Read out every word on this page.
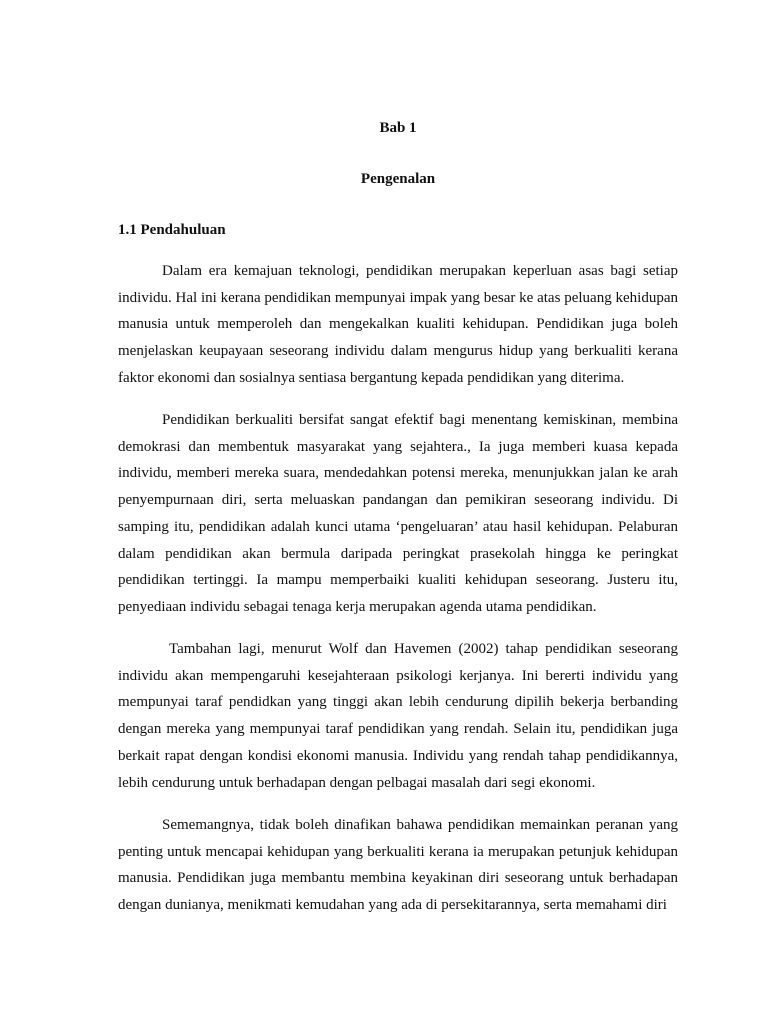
Bab 1
Pengenalan
1.1 Pendahuluan

Dalam era kemajuan teknologi, pendidikan merupakan keperluan asas bagi setiap individu. Hal ini kerana pendidikan mempunyai impak yang besar ke atas peluang kehidupan manusia untuk memperoleh dan mengekalkan kualiti kehidupan. Pendidikan juga boleh menjelaskan keupayaan seseorang individu dalam mengurus hidup yang berkualiti kerana faktor ekonomi dan sosialnya sentiasa bergantung kepada pendidikan yang diterima.

Pendidikan berkualiti bersifat sangat efektif bagi menentang kemiskinan, membina demokrasi dan membentuk masyarakat yang sejahtera., Ia juga memberi kuasa kepada individu, memberi mereka suara, mendedahkan potensi mereka, menunjukkan jalan ke arah penyempurnaan diri, serta meluaskan pandangan dan pemikiran seseorang individu. Di samping itu, pendidikan adalah kunci utama ‘pengeluaran’ atau hasil kehidupan. Pelaburan dalam pendidikan akan bermula daripada peringkat prasekolah hingga ke peringkat pendidikan tertinggi. Ia mampu memperbaiki kualiti kehidupan seseorang. Justeru itu, penyediaan individu sebagai tenaga kerja merupakan agenda utama pendidikan.

Tambahan lagi, menurut Wolf dan Havemen (2002) tahap pendidikan seseorang individu akan mempengaruhi kesejahteraan psikologi kerjanya. Ini bererti individu yang mempunyai taraf pendidkan yang tinggi akan lebih cendurung dipilih bekerja berbanding dengan mereka yang mempunyai taraf pendidikan yang rendah. Selain itu, pendidikan juga berkait rapat dengan kondisi ekonomi manusia. Individu yang rendah tahap pendidikannya, lebih cendurung untuk berhadapan dengan pelbagai masalah dari segi ekonomi.

Sememangnya, tidak boleh dinafikan bahawa pendidikan memainkan peranan yang penting untuk mencapai kehidupan yang berkualiti kerana ia merupakan petunjuk kehidupan manusia. Pendidikan juga membantu membina keyakinan diri seseorang untuk berhadapan dengan dunianya, menikmati kemudahan yang ada di persekitarannya, serta memahami diri
